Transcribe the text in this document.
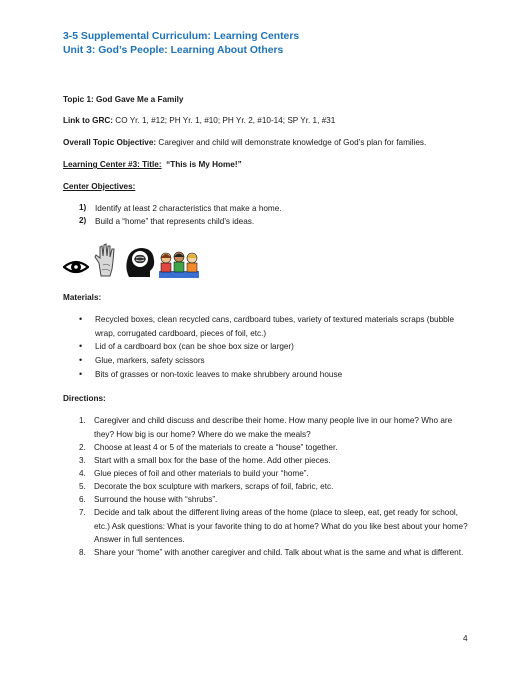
3-5 Supplemental Curriculum: Learning Centers
Unit 3: God’s People: Learning About Others
Topic 1: God Gave Me a Family
Link to GRC: CO Yr. 1, #12; PH Yr. 1, #10; PH Yr. 2, #10-14; SP Yr. 1, #31
Overall Topic Objective: Caregiver and child will demonstrate knowledge of God’s plan for families.
Learning Center #3: Title: “This is My Home!”
Center Objectives:
1) Identify at least 2 characteristics that make a home.
2) Build a “home” that represents child’s ideas.
Materials:
• Recycled boxes, clean recycled cans, cardboard tubes, variety of textured materials scraps (bubble wrap, corrugated cardboard, pieces of foil, etc.)
• Lid of a cardboard box (can be shoe box size or larger)
• Glue, markers, safety scissors
• Bits of grasses or non-toxic leaves to make shrubbery around house
Directions:
1. Caregiver and child discuss and describe their home. How many people live in our home? Who are they? How big is our home? Where do we make the meals?
2. Choose at least 4 or 5 of the materials to create a “house” together.
3. Start with a small box for the base of the home. Add other pieces.
4. Glue pieces of foil and other materials to build your “home”.
5. Decorate the box sculpture with markers, scraps of foil, fabric, etc.
6. Surround the house with “shrubs”.
7. Decide and talk about the different living areas of the home (place to sleep, eat, get ready for school, etc.) Ask questions: What is your favorite thing to do at home? What do you like best about your home? Answer in full sentences.
8. Share your “home” with another caregiver and child. Talk about what is the same and what is different.
4
